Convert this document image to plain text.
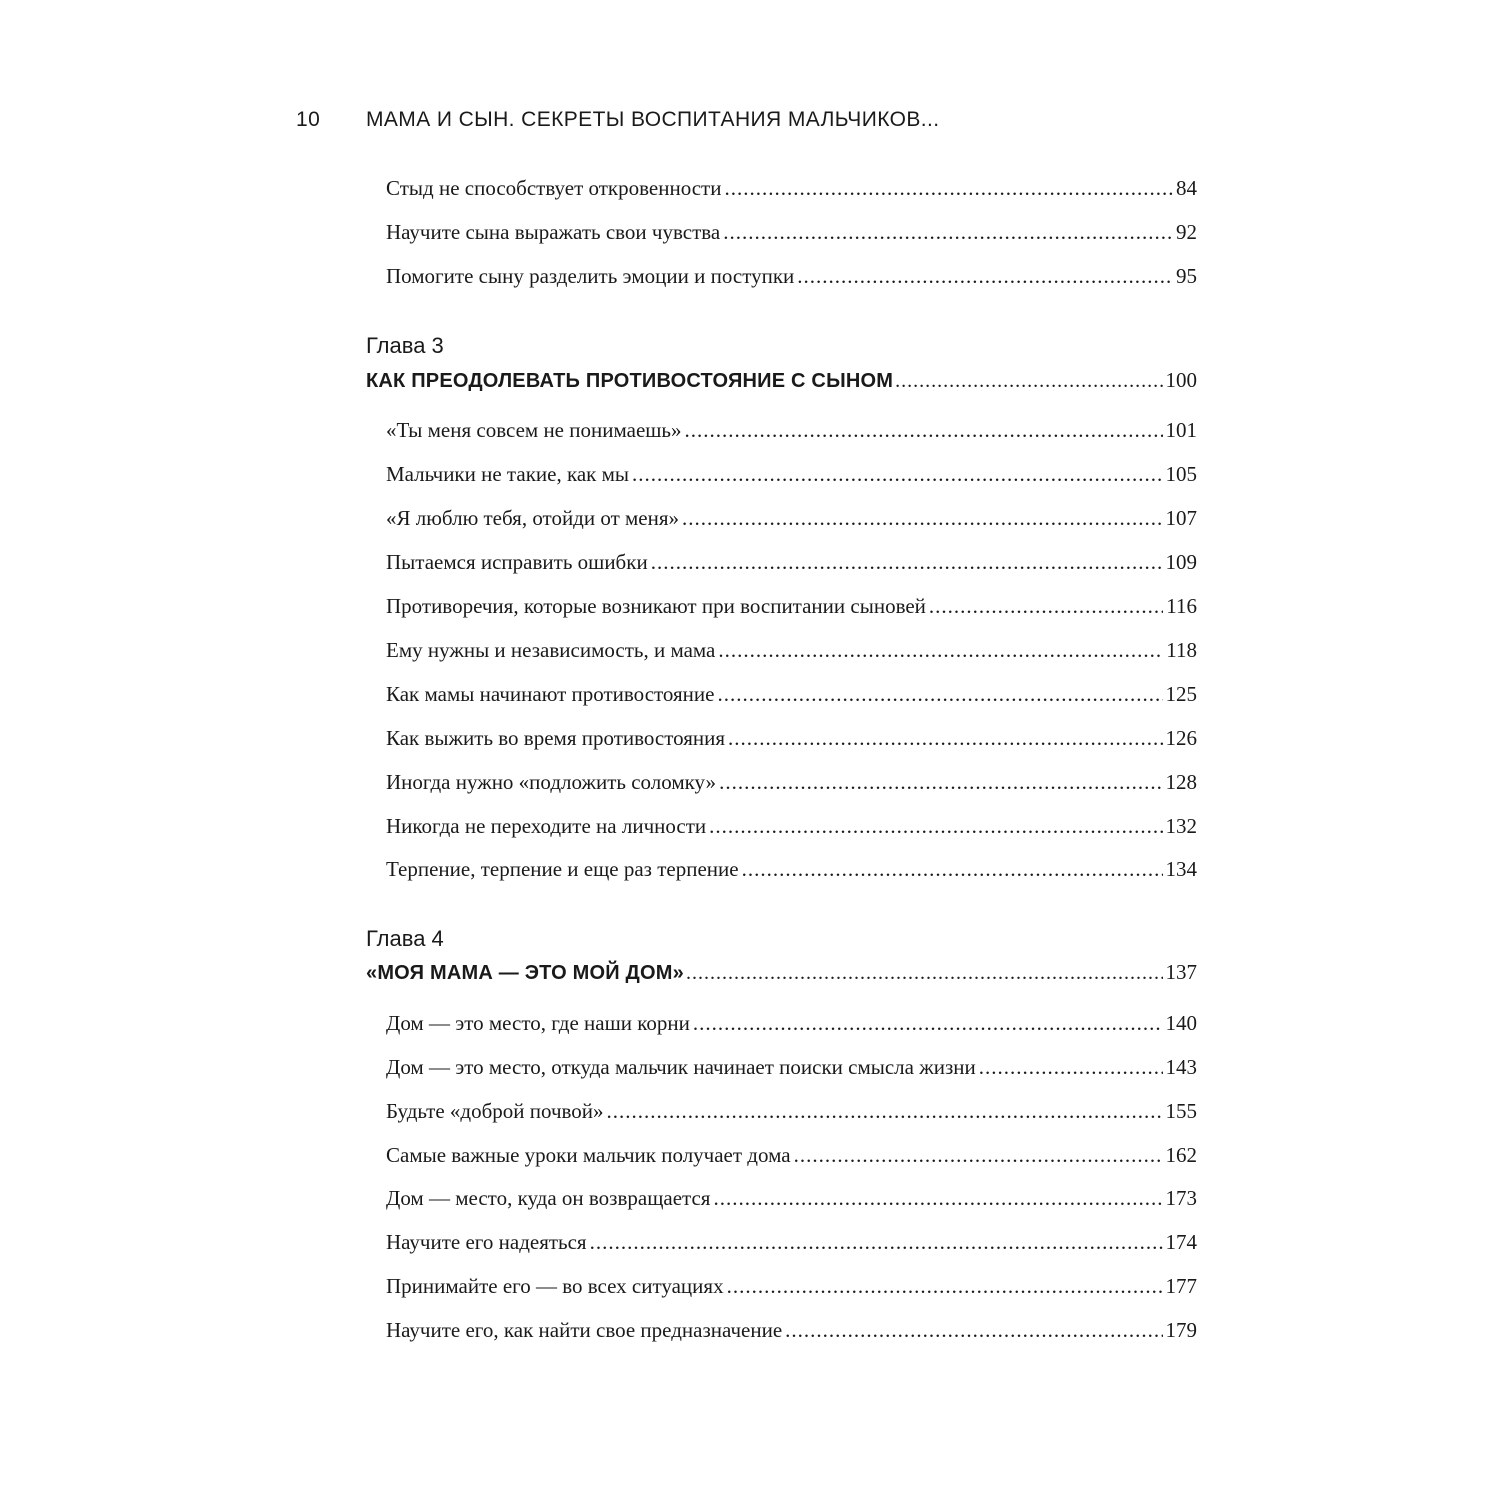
10 МАМА И СЫН. СЕКРЕТЫ ВОСПИТАНИЯ МАЛЬЧИКОВ...
Стыд не способствует откровенности .....	84
Научите сына выражать свои чувства .....	92
Помогите сыну разделить эмоции и поступки .....	95
Глава 3
КАК ПРЕОДОЛЕВАТЬ ПРОТИВОСТОЯНИЕ С СЫНОМ .....	100
«Ты меня совсем не понимаешь» .....	101
Мальчики не такие, как мы .....	105
«Я люблю тебя, отойди от меня» .....	107
Пытаемся исправить ошибки .....	109
Противоречия, которые возникают при воспитании сыновей .....	116
Ему нужны и независимость, и мама .....	118
Как мамы начинают противостояние .....	125
Как выжить во время противостояния .....	126
Иногда нужно «подложить соломку» .....	128
Никогда не переходите на личности .....	132
Терпение, терпение и еще раз терпение .....	134
Глава 4
«МОЯ МАМА — ЭТО МОЙ ДОМ» .....	137
Дом — это место, где наши корни .....	140
Дом — это место, откуда мальчик начинает поиски смысла жизни .....	143
Будьте «доброй почвой» .....	155
Самые важные уроки мальчик получает дома .....	162
Дом — место, куда он возвращается .....	173
Научите его надеяться .....	174
Принимайте его — во всех ситуациях .....	177
Научите его, как найти свое предназначение .....	179
